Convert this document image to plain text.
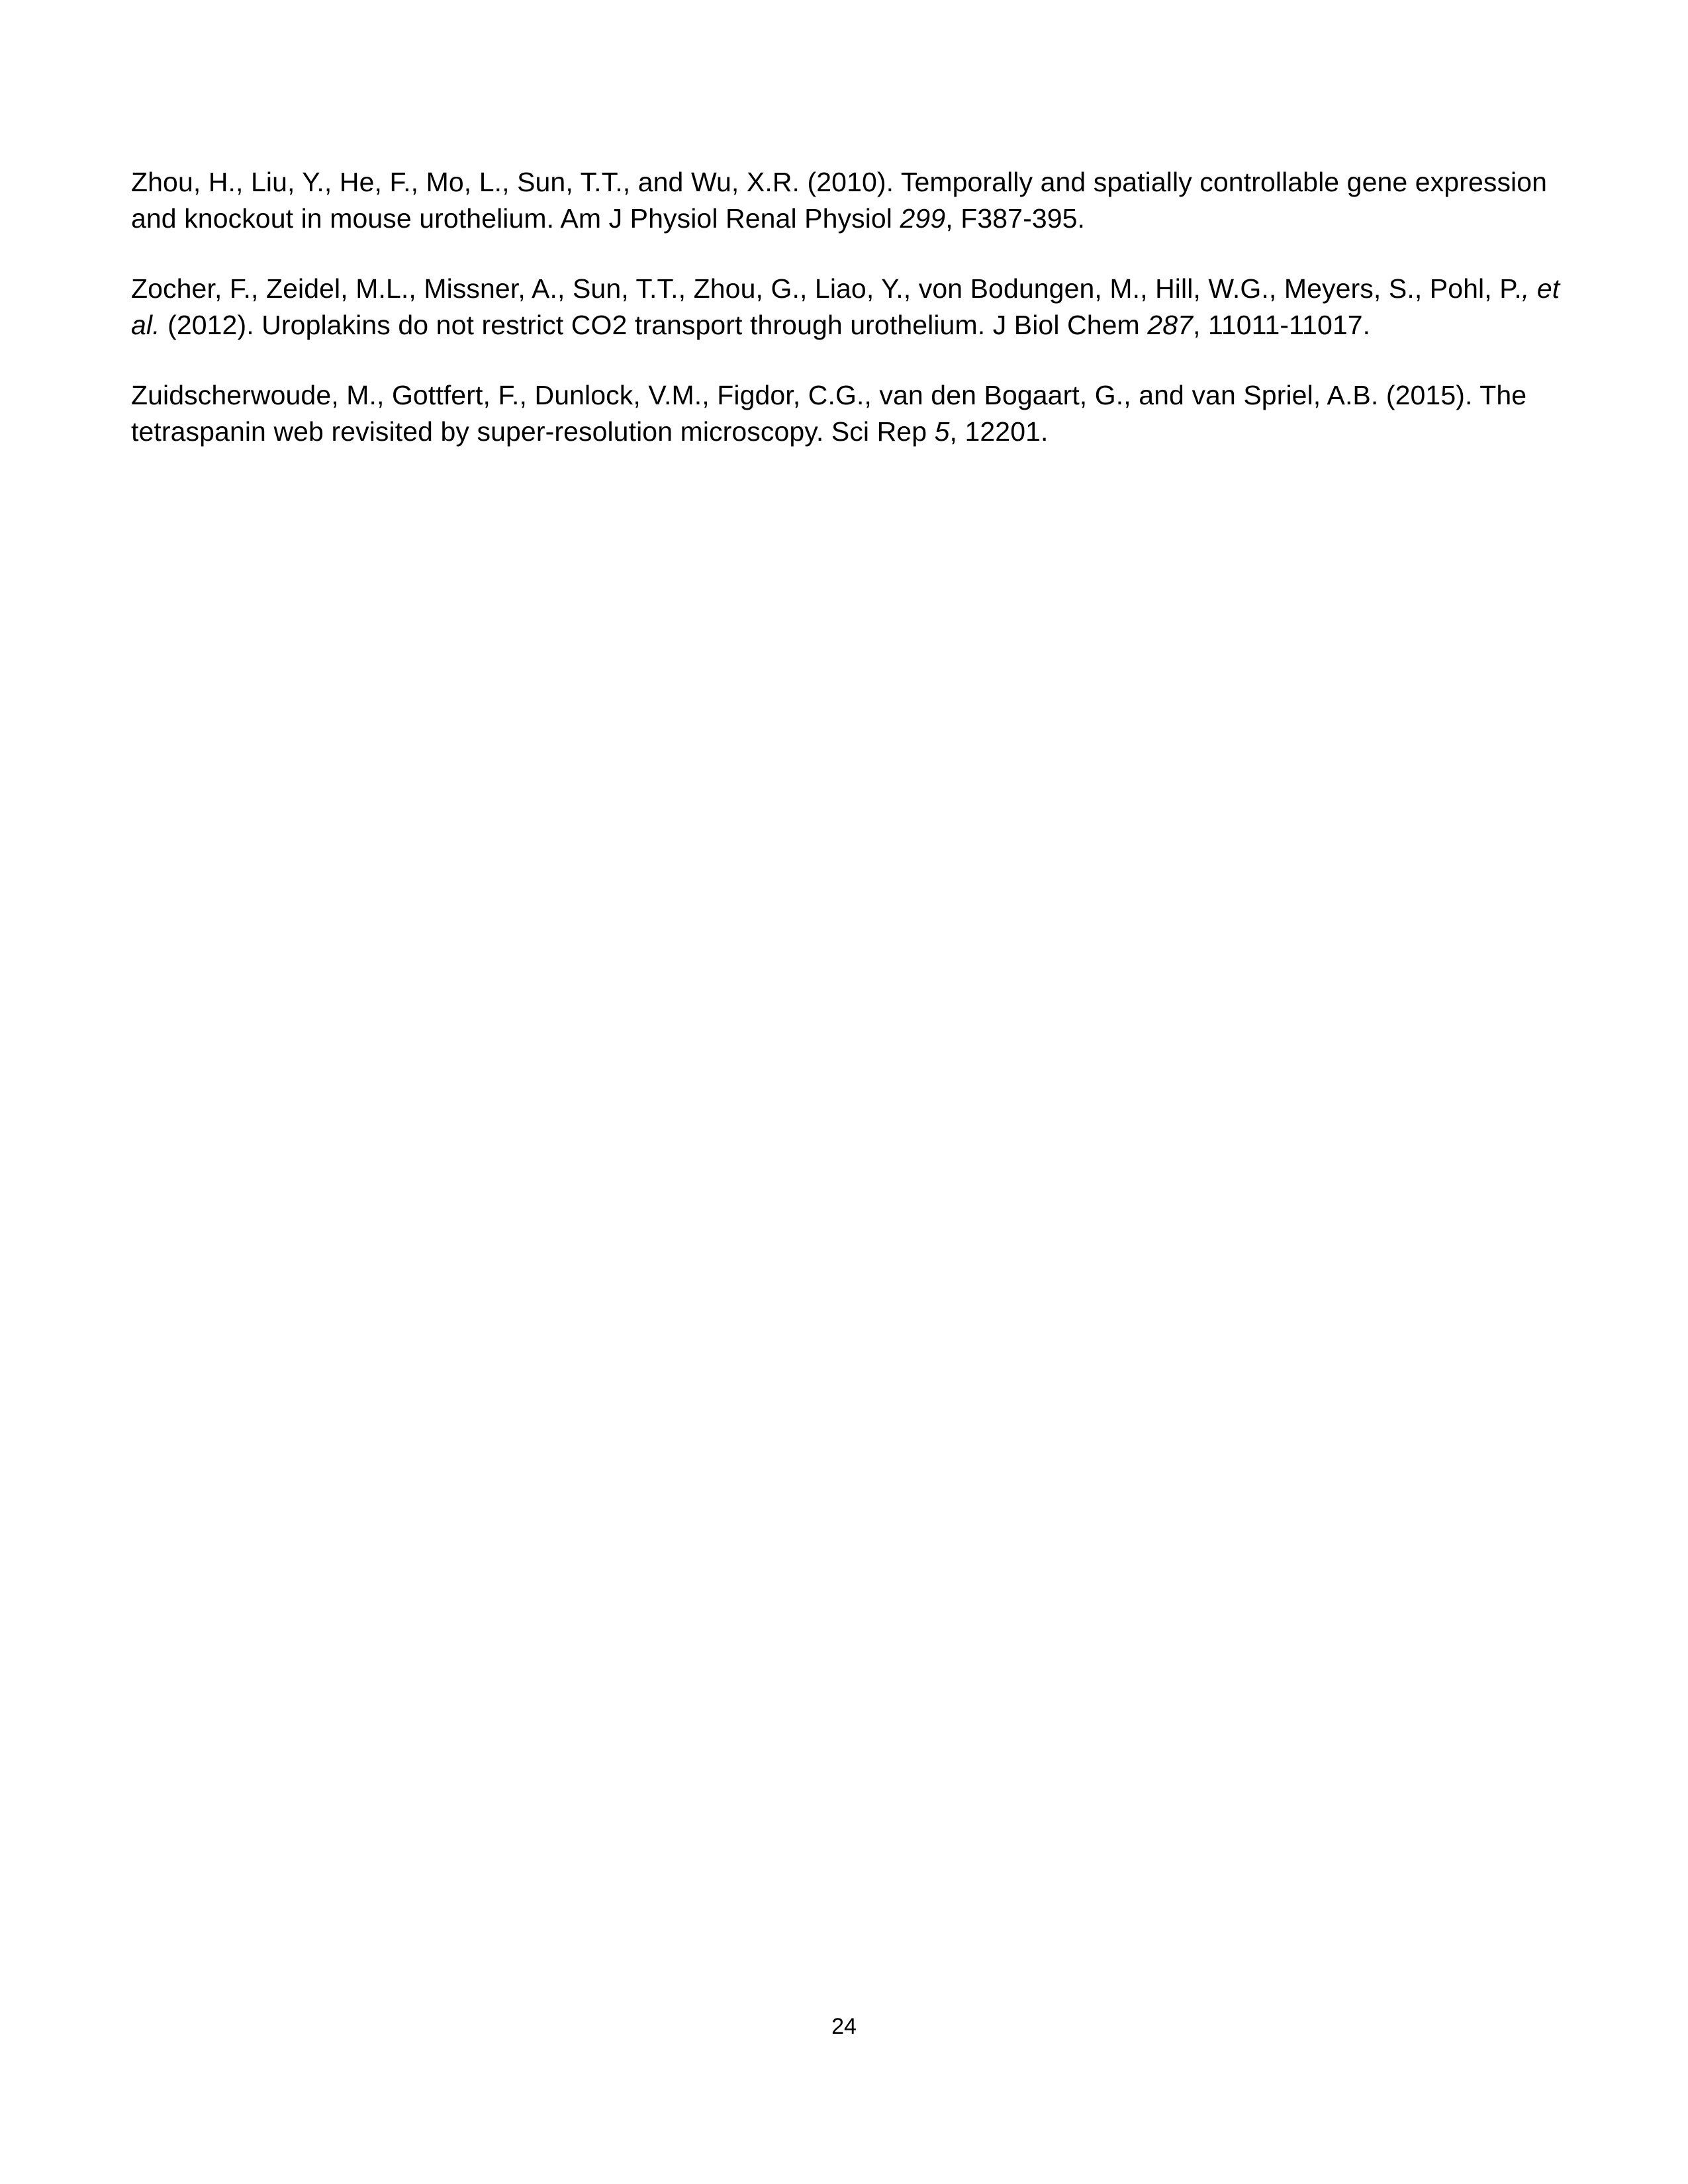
Zhou, H., Liu, Y., He, F., Mo, L., Sun, T.T., and Wu, X.R. (2010). Temporally and spatially controllable gene expression and knockout in mouse urothelium. Am J Physiol Renal Physiol 299, F387-395.

Zocher, F., Zeidel, M.L., Missner, A., Sun, T.T., Zhou, G., Liao, Y., von Bodungen, M., Hill, W.G., Meyers, S., Pohl, P., et al. (2012). Uroplakins do not restrict CO2 transport through urothelium. J Biol Chem 287, 11011-11017.

Zuidscherwoude, M., Gottfert, F., Dunlock, V.M., Figdor, C.G., van den Bogaart, G., and van Spriel, A.B. (2015). The tetraspanin web revisited by super-resolution microscopy. Sci Rep 5, 12201.

24
